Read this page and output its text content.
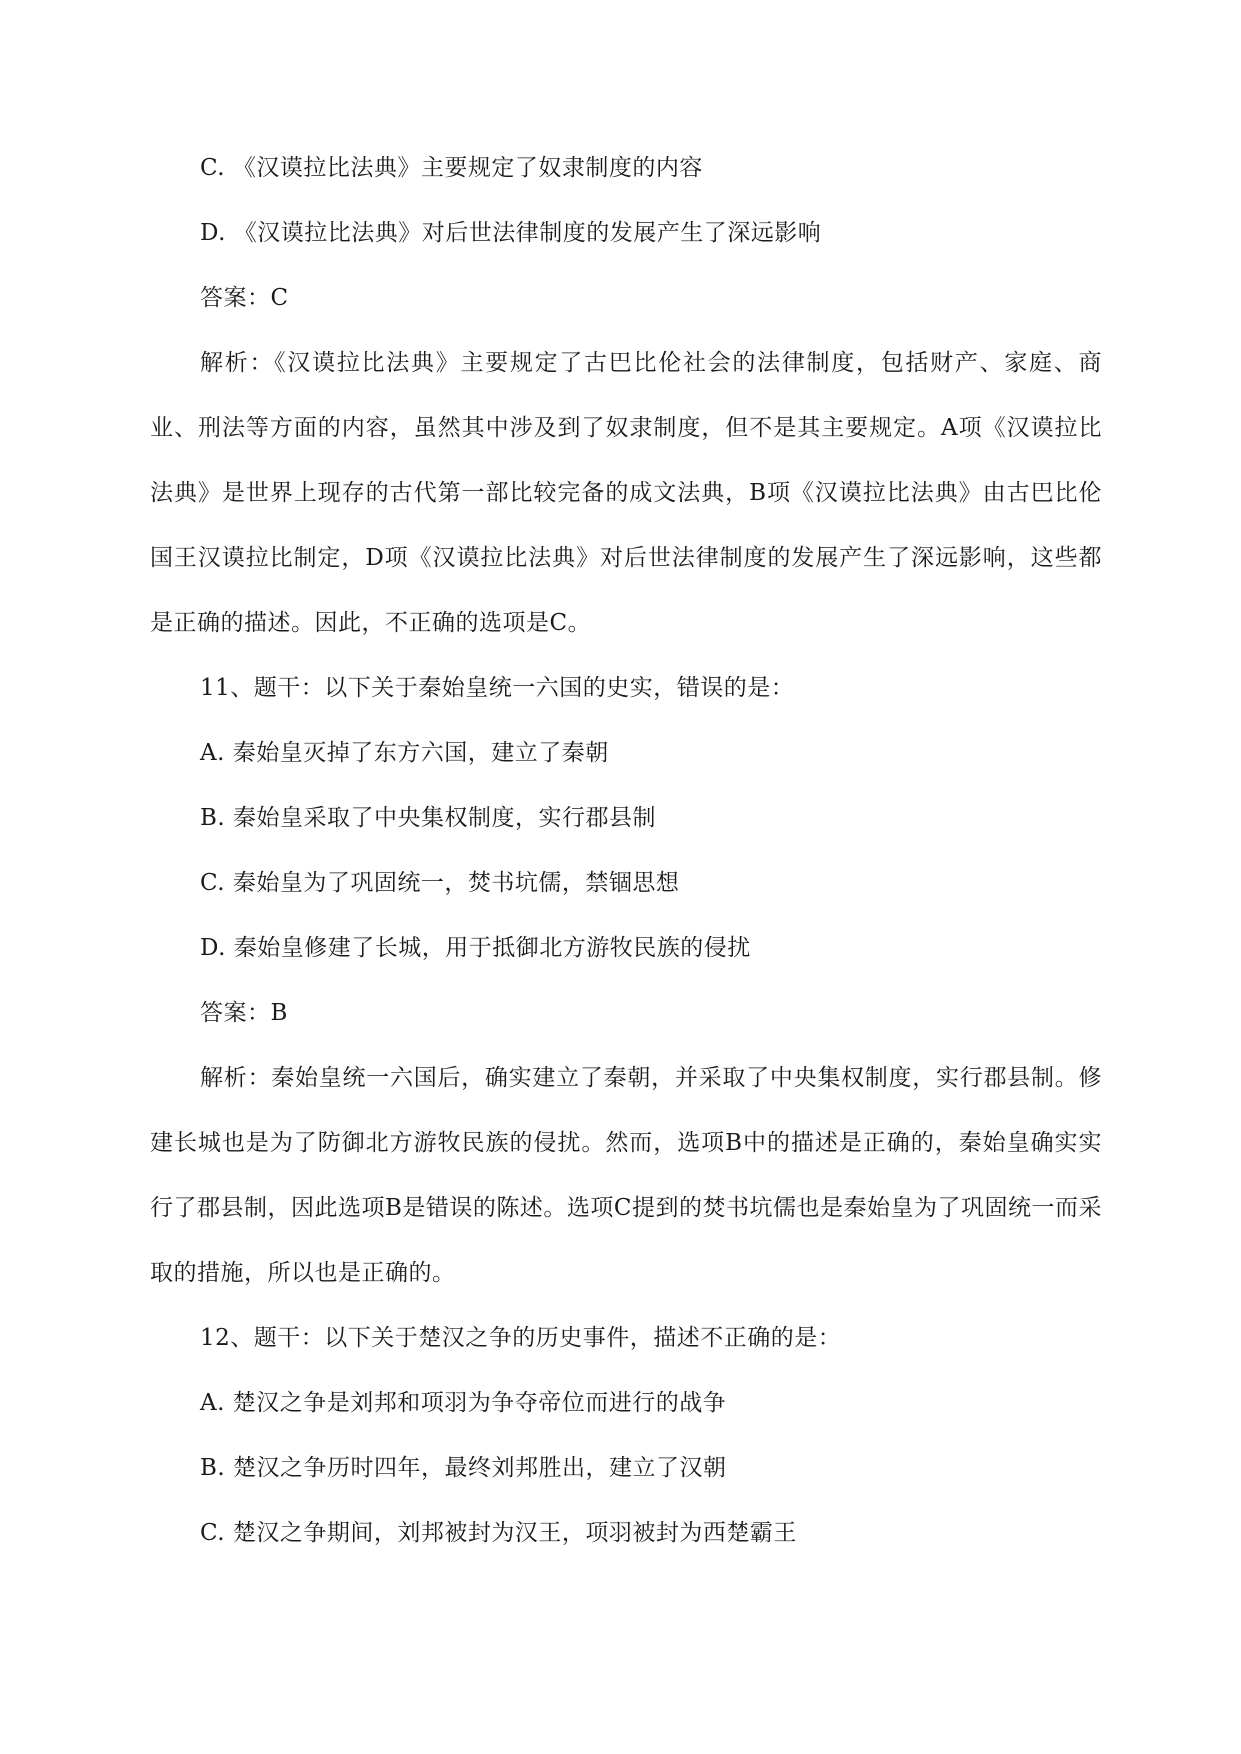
C. 《汉谟拉比法典》主要规定了奴隶制度的内容
D. 《汉谟拉比法典》对后世法律制度的发展产生了深远影响
答案：C

解析：《汉谟拉比法典》主要规定了古巴比伦社会的法律制度，包括财产、家庭、商业、刑法等方面的内容，虽然其中涉及到了奴隶制度，但不是其主要规定。A项《汉谟拉比法典》是世界上现存的古代第一部比较完备的成文法典，B项《汉谟拉比法典》由古巴比伦国王汉谟拉比制定，D项《汉谟拉比法典》对后世法律制度的发展产生了深远影响，这些都是正确的描述。因此，不正确的选项是C。

11、题干：以下关于秦始皇统一六国的史实，错误的是：
A. 秦始皇灭掉了东方六国，建立了秦朝
B. 秦始皇采取了中央集权制度，实行郡县制
C. 秦始皇为了巩固统一，焚书坑儒，禁锢思想
D. 秦始皇修建了长城，用于抵御北方游牧民族的侵扰
答案：B

解析：秦始皇统一六国后，确实建立了秦朝，并采取了中央集权制度，实行郡县制。修建长城也是为了防御北方游牧民族的侵扰。然而，选项B中的描述是正确的，秦始皇确实实行了郡县制，因此选项B是错误的陈述。选项C提到的焚书坑儒也是秦始皇为了巩固统一而采取的措施，所以也是正确的。

12、题干：以下关于楚汉之争的历史事件，描述不正确的是：
A. 楚汉之争是刘邦和项羽为争夺帝位而进行的战争
B. 楚汉之争历时四年，最终刘邦胜出，建立了汉朝
C. 楚汉之争期间，刘邦被封为汉王，项羽被封为西楚霸王
